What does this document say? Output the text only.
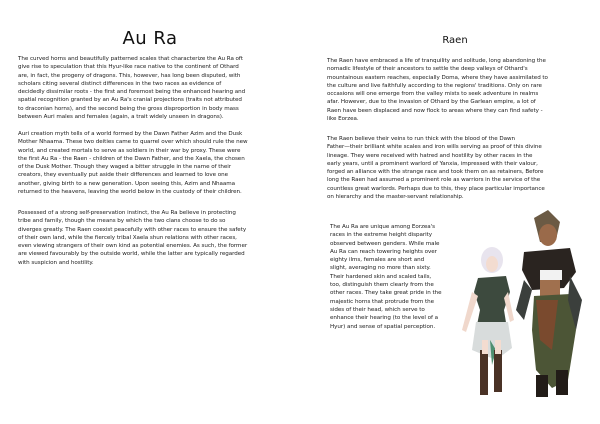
Au Ra
The curved horns and beautifully patterned scales that characterize the Au Ra oft
give rise to speculation that this Hyur-like race native to the continent of Othard
are, in fact, the progeny of dragons. This, however, has long been disputed, with
scholars citing several distinct differences in the two races as evidence of
decidedly dissimilar roots - the first and foremost being the enhanced hearing and
spatial recognition granted by an Au Ra's cranial projections (traits not attributed
to draconian horns), and the second being the gross disproportion in body mass
between Auri males and females (again, a trait widely unseen in dragons).
Auri creation myth tells of a world formed by the Dawn Father Azim and the Dusk
Mother Nhaama. These two deities came to quarrel over which should rule the new
world, and created mortals to serve as soldiers in their war by proxy. These were
the first Au Ra - the Raen - children of the Dawn Father, and the Xaela, the chosen
of the Dusk Mother. Though they waged a bitter struggle in the name of their
creators, they eventually put aside their differences and learned to love one
another, giving birth to a new generation. Upon seeing this, Azim and Nhaama
returned to the heavens, leaving the world below in the custody of their children.
Possessed of a strong self-preservation instinct, the Au Ra believe in protecting
tribe and family, though the means by which the two clans choose to do so
diverges greatly. The Raen coexist peacefully with other races to ensure the safety
of their own land, while the fiercely tribal Xaela shun relations with other races,
even viewing strangers of their own kind as potential enemies. As such, the former
are viewed favourably by the outside world, while the latter are typically regarded
with suspicion and hostility.
Raen
The Raen have embraced a life of tranquility and solitude, long abandoning the
nomadic lifestyle of their ancestors to settle the deep valleys of Othard's
mountainous eastern reaches, especially Doma, where they have assimilated to
the culture and live faithfully according to the regions' traditions. Only on rare
occasions will one emerge from the valley mists to seek adventure in realms
afar. However, due to the invasion of Othard by the Garlean empire, a lot of
Raen have been displaced and now flock to areas where they can find safety -
like Eorzea.
The Raen believe their veins to run thick with the blood of the Dawn
Father—their brilliant white scales and iron wills serving as proof of this divine
lineage. They were received with hatred and hostility by other races in the
early years, until a prominent warlord of Yanxia, impressed with their valour,
forged an alliance with the strange race and took them on as retainers, Before
long the Raen had assumed a prominent role as warriors in the service of the
countless great warlords. Perhaps due to this, they place particular importance
on hierarchy and the master-servant relationship.
The Au Ra are unique among Eorzea's
races in the extreme height disparity
observed between genders. While male
Au Ra can reach towering heights over
eighty ilms, females are short and
slight, averaging no more than sixty.
Their hardened skin and scaled tails,
too, distinguish them clearly from the
other races. They take great pride in the
majestic horns that protrude from the
sides of their head, which serve to
enhance their hearing (to the level of a
Hyur) and sense of spatial perception.
